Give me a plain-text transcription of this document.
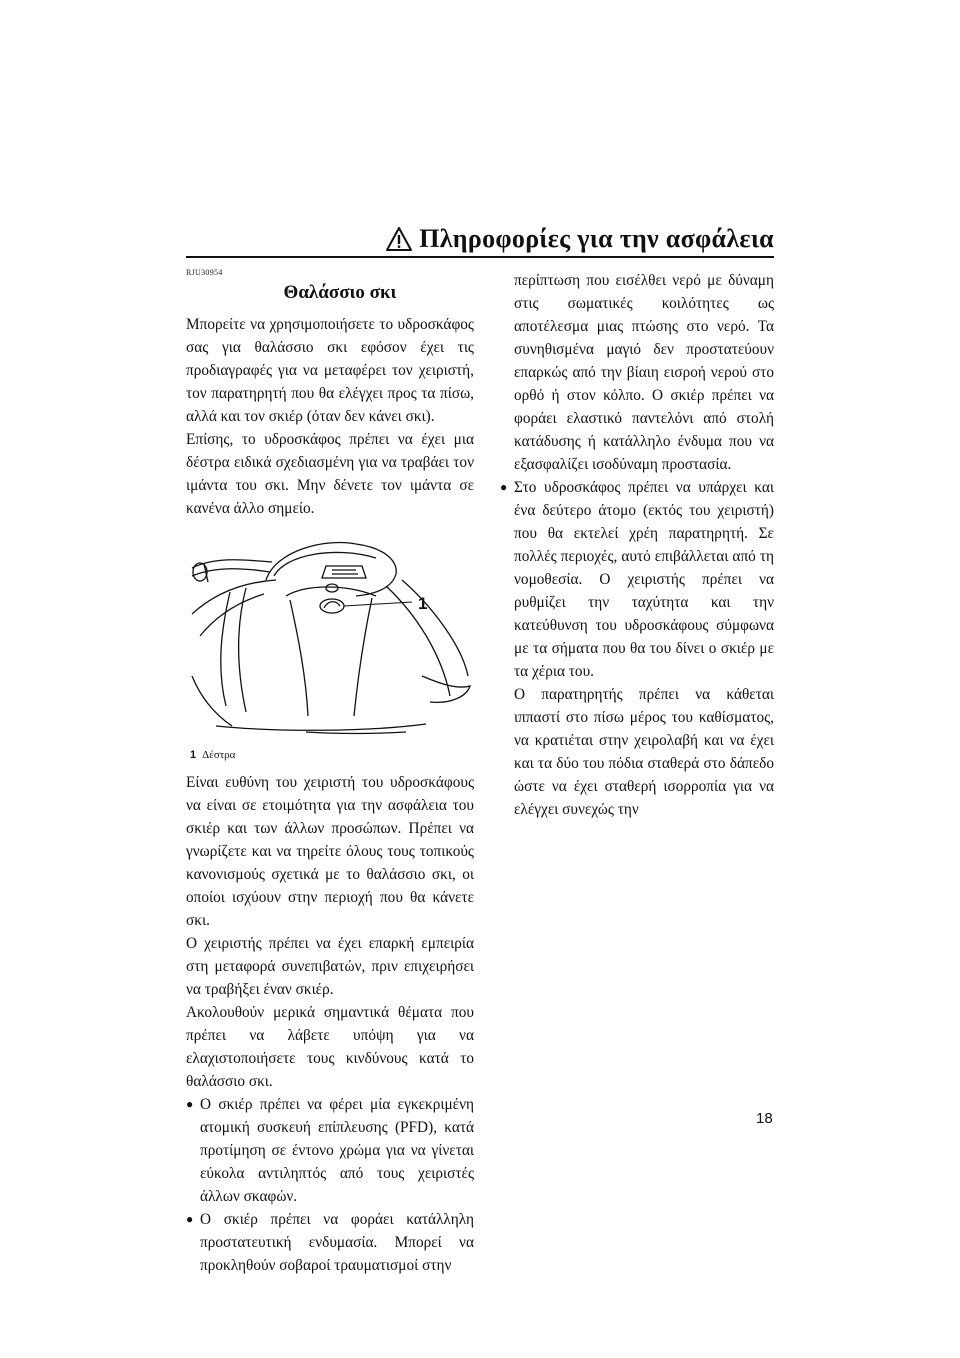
Πληροφορίες για την ασφάλεια
RJU30954
Θαλάσσιο σκι

Μπορείτε να χρησιμοποιήσετε το υδροσκάφος σας για θαλάσσιο σκι εφόσον έχει τις προδιαγραφές για να μεταφέρει τον χειριστή, τον παρατηρητή που θα ελέγχει προς τα πίσω, αλλά και τον σκιέρ (όταν δεν κάνει σκι).

Επίσης, το υδροσκάφος πρέπει να έχει μια δέστρα ειδικά σχεδιασμένη για να τραβάει τον ιμάντα του σκι. Μην δένετε τον ιμάντα σε κανένα άλλο σημείο.

1
1 Δέστρα

Είναι ευθύνη του χειριστή του υδροσκάφους να είναι σε ετοιμότητα για την ασφάλεια του σκιέρ και των άλλων προσώπων. Πρέπει να γνωρίζετε και να τηρείτε όλους τους τοπικούς κανονισμούς σχετικά με το θαλάσσιο σκι, οι οποίοι ισχύουν στην περιοχή που θα κάνετε σκι.

Ο χειριστής πρέπει να έχει επαρκή εμπειρία στη μεταφορά συνεπιβατών, πριν επιχειρήσει να τραβήξει έναν σκιέρ.

Ακολουθούν μερικά σημαντικά θέματα που πρέπει να λάβετε υπόψη για να ελαχιστοποιήσετε τους κινδύνους κατά το θαλάσσιο σκι.

● Ο σκιέρ πρέπει να φέρει μία εγκεκριμένη ατομική συσκευή επίπλευσης (PFD), κατά προτίμηση σε έντονο χρώμα για να γίνεται εύκολα αντιληπτός από τους χειριστές άλλων σκαφών.
● Ο σκιέρ πρέπει να φοράει κατάλληλη προστατευτική ενδυμασία. Μπορεί να προκληθούν σοβαροί τραυματισμοί στην

περίπτωση που εισέλθει νερό με δύναμη στις σωματικές κοιλότητες ως αποτέλεσμα μιας πτώσης στο νερό. Τα συνηθισμένα μαγιό δεν προστατεύουν επαρκώς από την βίαιη εισροή νερού στο ορθό ή στον κόλπο. Ο σκιέρ πρέπει να φοράει ελαστικό παντελόνι από στολή κατάδυσης ή κατάλληλο ένδυμα που να εξασφαλίζει ισοδύναμη προστασία.

● Στο υδροσκάφος πρέπει να υπάρχει και ένα δεύτερο άτομο (εκτός του χειριστή) που θα εκτελεί χρέη παρατηρητή. Σε πολλές περιοχές, αυτό επιβάλλεται από τη νομοθεσία. Ο χειριστής πρέπει να ρυθμίζει την ταχύτητα και την κατεύθυνση του υδροσκάφους σύμφωνα με τα σήματα που θα του δίνει ο σκιέρ με τα χέρια του.

Ο παρατηρητής πρέπει να κάθεται ιππαστί στο πίσω μέρος του καθίσματος, να κρατιέται στην χειρολαβή και να έχει και τα δύο του πόδια σταθερά στο δάπεδο ώστε να έχει σταθερή ισορροπία για να ελέγχει συνεχώς την

18
